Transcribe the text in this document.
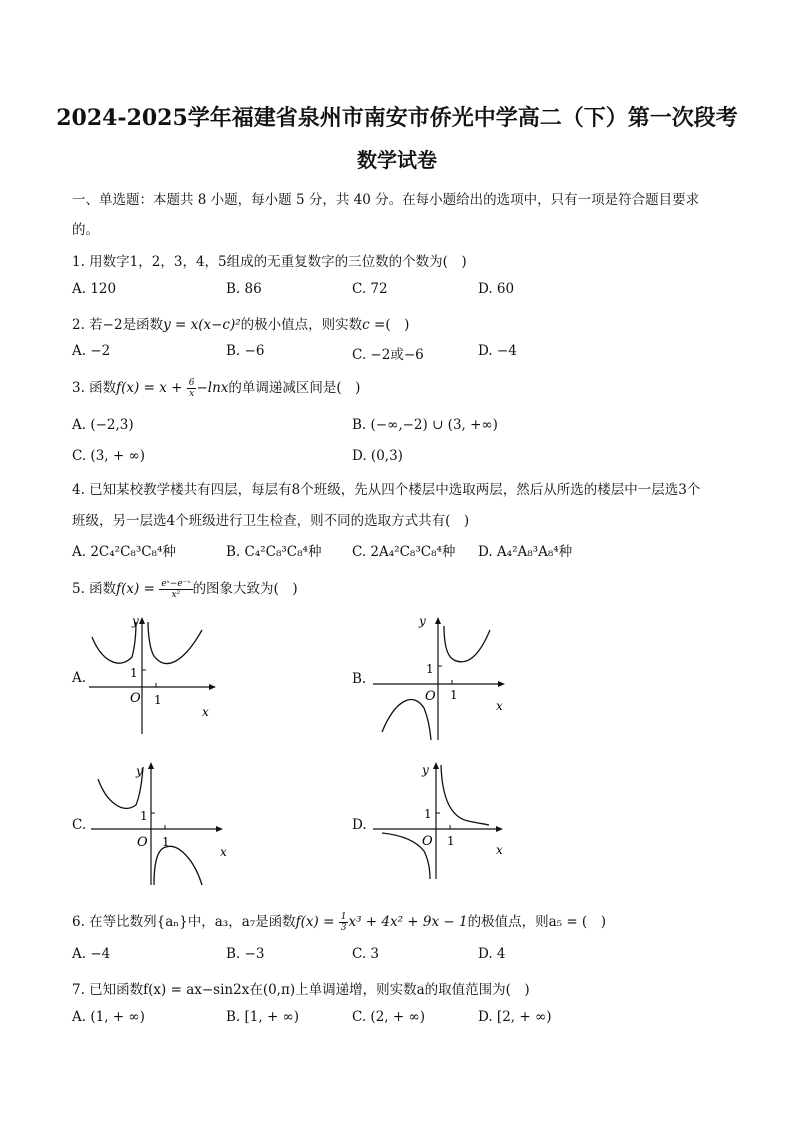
2024-2025学年福建省泉州市南安市侨光中学高二（下）第一次段考
数学试卷
一、单选题：本题共 8 小题，每小题 5 分，共 40 分。在每小题给出的选项中，只有一项是符合题目要求
的。
1. 用数字1，2，3，4，5组成的无重复数字的三位数的个数为(　)
A. 120	B. 86	C. 72	D. 60
2. 若−2是函数y = x(x−c)²的极小值点，则实数c =(　)
A. −2	B. −6	C. −2或−6	D. −4
3. 函数$f(x) = x + \frac{6}{x} -\ln x$的单调递减区间是(　)
A. (−2,3)	B. (−∞,−2) ∪ (3, +∞)
C. (3, + ∞)	D. (0,3)
4. 已知某校教学楼共有四层，每层有8个班级，先从四个楼层中选取两层，然后从所选的楼层中一层选3个
班级，另一层选4个班级进行卫生检查，则不同的选取方式共有(　)
A. 2C₄²C₈³C₈⁴种	B. C₄²C₈³C₈⁴种 C. 2A₄²C₈³C₈⁴种 D. A₄²A₈³A₈⁴种
5. 函数$f(x) = \frac{\text{eˣ−e⁻ˣ}}{\text{x²}}$ 的图象大致为(　)
A.	1
1
O
y
x
B.
1
1
O
y
x
C.
1
1
O
y
x
D.
1
1
O
y
x
6. 在等比数列{aₙ}中，a₃，a₇是函数$f(x) = \frac{1}{3} x^3 + 4x^2 + 9x - 1$的极值点，则a₅ = (　)
A. −4	B. −3	C. 3	D. 4
7. 已知函数f(x) = ax−sin2x在(0,π)上单调递增，则实数a的取值范围为(　)
A. (1, + ∞)	B. [1, + ∞)	C. (2, + ∞)	D. [2, + ∞)
